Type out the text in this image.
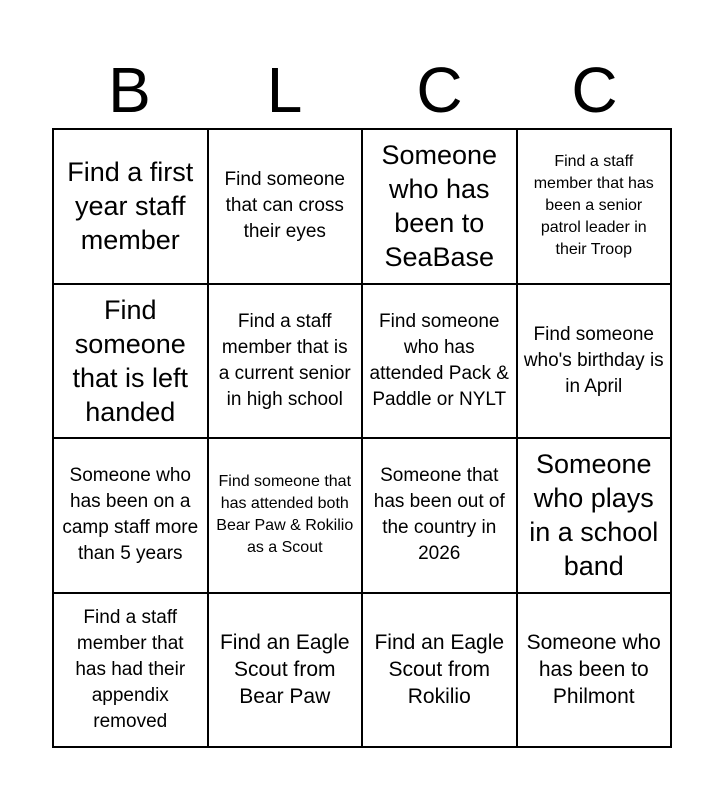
B	L	C	C
Find a first year staff member
Find someone that can cross their eyes
Someone who has been to SeaBase
Find a staff member that has been a senior patrol leader in their Troop
Find someone that is left handed
Find a staff member that is a current senior in high school
Find someone who has attended Pack & Paddle or NYLT
Find someone who's birthday is in April
Someone who has been on a camp staff more than 5 years
Find someone that has attended both Bear Paw & Rokilio as a Scout
Someone that has been out of the country in 2026
Someone who plays in a school band
Find a staff member that has had their appendix removed
Find an Eagle Scout from Bear Paw
Find an Eagle Scout from Rokilio
Someone who has been to Philmont
